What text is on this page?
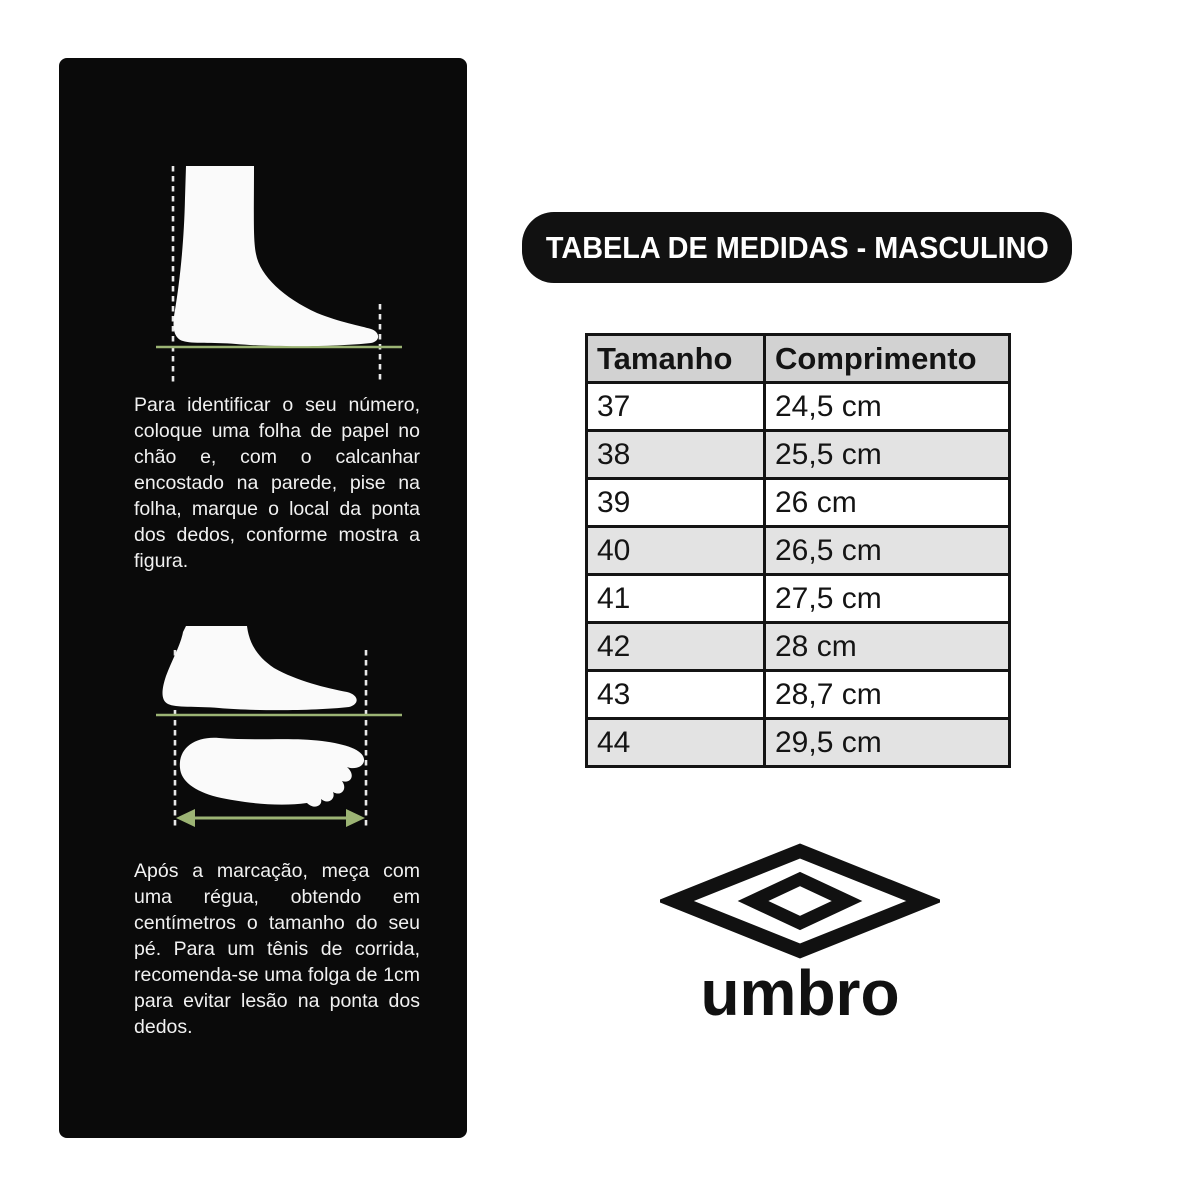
Para identificar o seu número, coloque uma folha de papel no chão e, com o calcanhar encostado na parede, pise na folha, marque o local da ponta dos dedos, conforme mostra a figura.

Após a marcação, meça com uma régua, obtendo em centímetros o tamanho do seu pé. Para um tênis de corrida, recomenda-se uma folga de 1cm para evitar lesão na ponta dos dedos.

TABELA DE MEDIDAS - MASCULINO
Tamanho	Comprimento
37	24,5 cm
38	25,5 cm
39	26 cm
40	26,5 cm
41	27,5 cm
42	28 cm
43	28,7 cm
44	29,5 cm
umbro
